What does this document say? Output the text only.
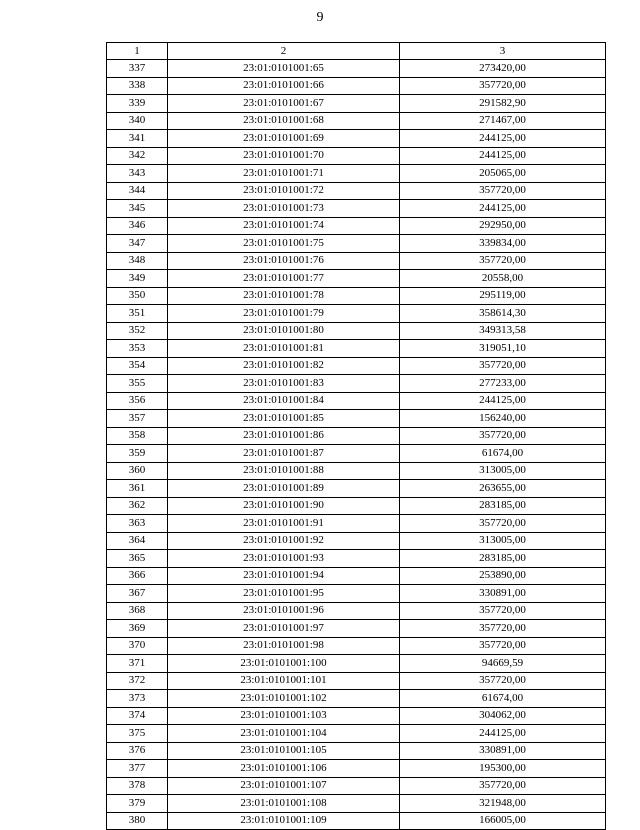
9
1	2	3
337	23:01:0101001:65	273420,00
338	23:01:0101001:66	357720,00
339	23:01:0101001:67	291582,90
340	23:01:0101001:68	271467,00
341	23:01:0101001:69	244125,00
342	23:01:0101001:70	244125,00
343	23:01:0101001:71	205065,00
344	23:01:0101001:72	357720,00
345	23:01:0101001:73	244125,00
346	23:01:0101001:74	292950,00
347	23:01:0101001:75	339834,00
348	23:01:0101001:76	357720,00
349	23:01:0101001:77	20558,00
350	23:01:0101001:78	295119,00
351	23:01:0101001:79	358614,30
352	23:01:0101001:80	349313,58
353	23:01:0101001:81	319051,10
354	23:01:0101001:82	357720,00
355	23:01:0101001:83	277233,00
356	23:01:0101001:84	244125,00
357	23:01:0101001:85	156240,00
358	23:01:0101001:86	357720,00
359	23:01:0101001:87	61674,00
360	23:01:0101001:88	313005,00
361	23:01:0101001:89	263655,00
362	23:01:0101001:90	283185,00
363	23:01:0101001:91	357720,00
364	23:01:0101001:92	313005,00
365	23:01:0101001:93	283185,00
366	23:01:0101001:94	253890,00
367	23:01:0101001:95	330891,00
368	23:01:0101001:96	357720,00
369	23:01:0101001:97	357720,00
370	23:01:0101001:98	357720,00
371	23:01:0101001:100	94669,59
372	23:01:0101001:101	357720,00
373	23:01:0101001:102	61674,00
374	23:01:0101001:103	304062,00
375	23:01:0101001:104	244125,00
376	23:01:0101001:105	330891,00
377	23:01:0101001:106	195300,00
378	23:01:0101001:107	357720,00
379	23:01:0101001:108	321948,00
380	23:01:0101001:109	166005,00
